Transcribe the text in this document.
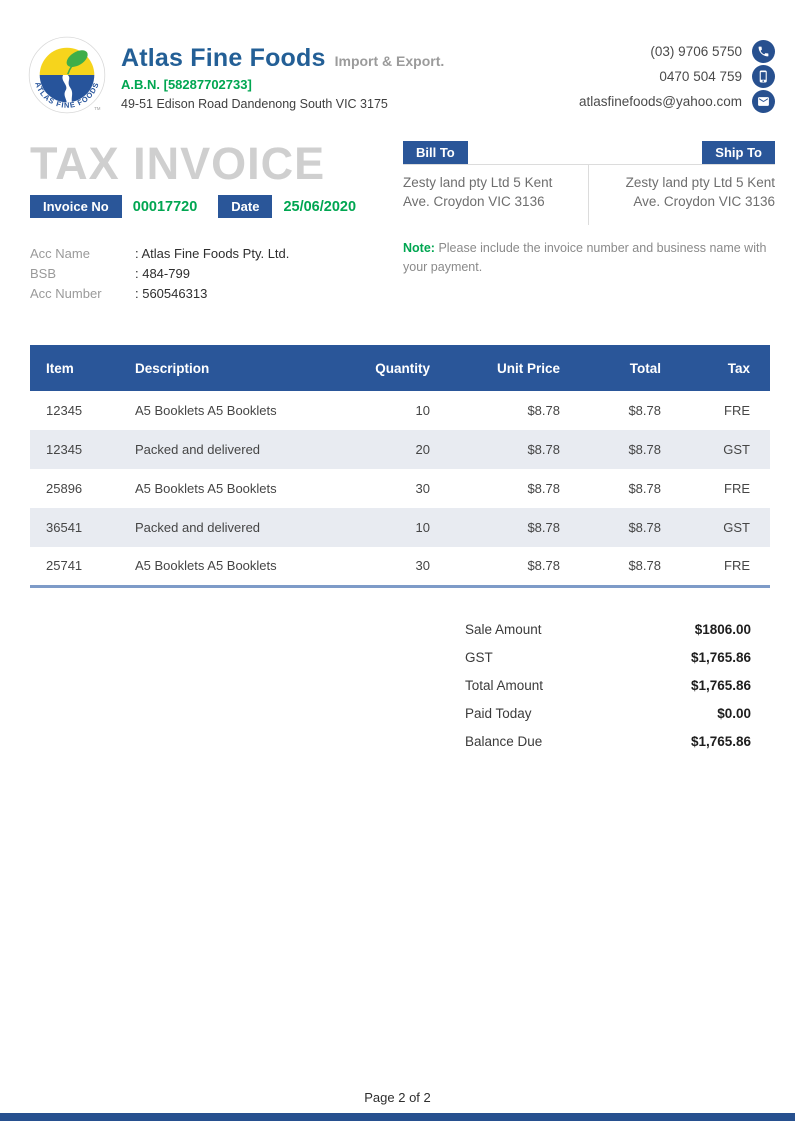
ATLAS FINE FOODS
TM
Atlas Fine Foods Import & Export.
A.B.N. [58287702733]
49-51 Edison Road Dandenong South VIC 3175
(03) 9706 5750
0470 504 759
atlasfinefoods@yahoo.com
TAX INVOICE
Invoice No	00017720	Date	25/06/2020
Acc Name	: Atlas Fine Foods Pty. Ltd.
BSB	: 484-799
Acc Number	: 560546313
Bill To	Ship To
Zesty land pty Ltd 5 Kent Ave. Croydon VIC 3136
Zesty land pty Ltd 5 Kent Ave. Croydon VIC 3136
Note: Please include the invoice number and business name with your payment.
Item	Description	Quantity	Unit Price	Total	Tax
12345	A5 Booklets A5 Booklets	10	$8.78	$8.78	FRE
12345	Packed and delivered	20	$8.78	$8.78	GST
25896	A5 Booklets A5 Booklets	30	$8.78	$8.78	FRE
36541	Packed and delivered	10	$8.78	$8.78	GST
25741	A5 Booklets A5 Booklets	30	$8.78	$8.78	FRE
Sale Amount	$1806.00
GST	$1,765.86
Total Amount	$1,765.86
Paid Today	$0.00
Balance Due	$1,765.86
Page 2 of 2
